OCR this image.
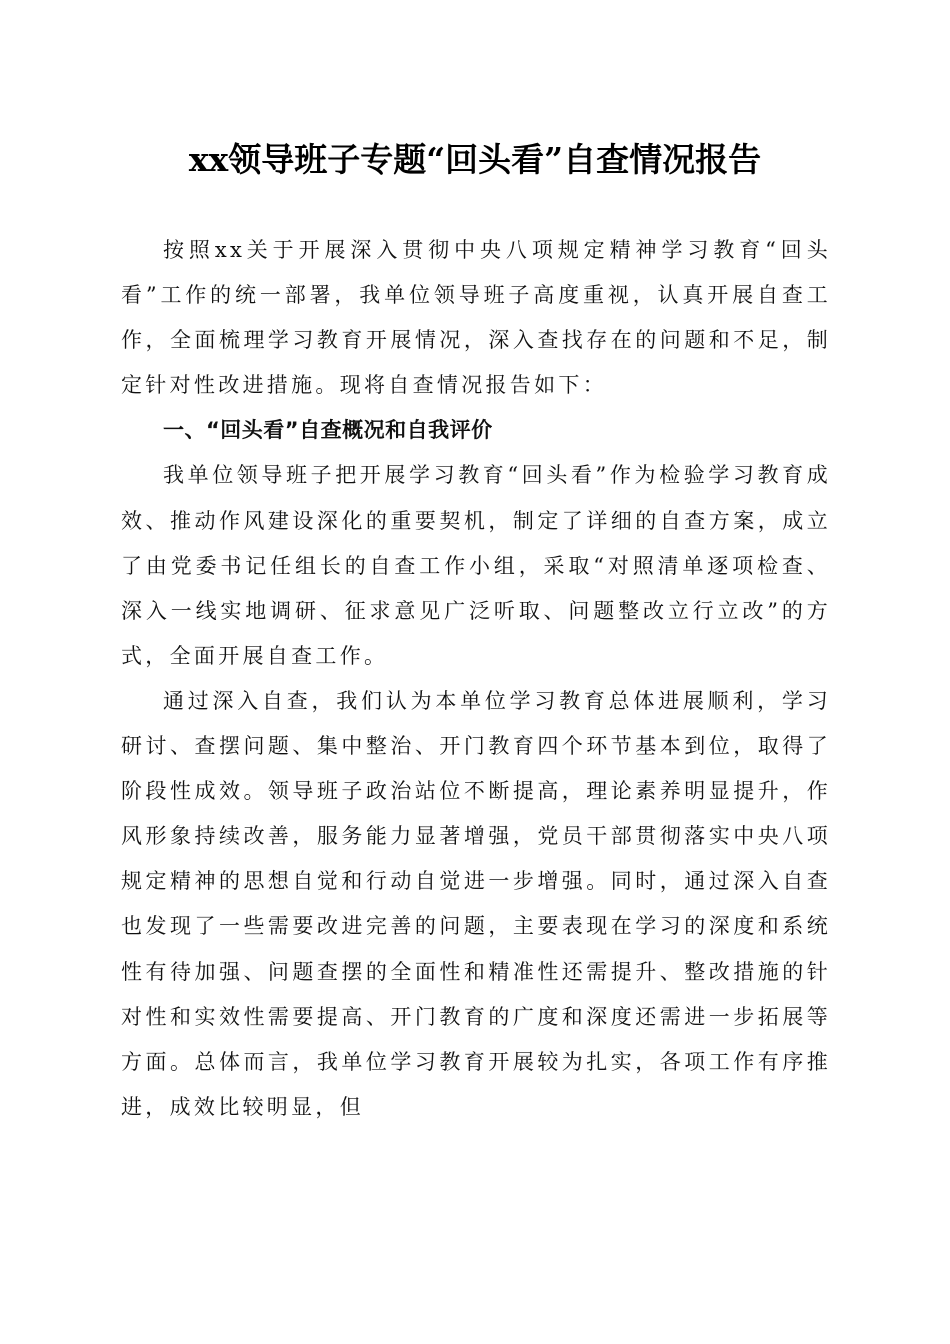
xx领导班子专题“回头看”自查情况报告

按照xx关于开展深入贯彻中央八项规定精神学习教育“回头看”工作的统一部署，我单位领导班子高度重视，认真开展自查工作，全面梳理学习教育开展情况，深入查找存在的问题和不足，制定针对性改进措施。现将自查情况报告如下：

一、“回头看”自查概况和自我评价

我单位领导班子把开展学习教育“回头看”作为检验学习教育成效、推动作风建设深化的重要契机，制定了详细的自查方案，成立了由党委书记任组长的自查工作小组，采取“对照清单逐项检查、深入一线实地调研、征求意见广泛听取、问题整改立行立改”的方式，全面开展自查工作。

通过深入自查，我们认为本单位学习教育总体进展顺利，学习研讨、查摆问题、集中整治、开门教育四个环节基本到位，取得了阶段性成效。领导班子政治站位不断提高，理论素养明显提升，作风形象持续改善，服务能力显著增强，党员干部贯彻落实中央八项规定精神的思想自觉和行动自觉进一步增强。同时，通过深入自查也发现了一些需要改进完善的问题，主要表现在学习的深度和系统性有待加强、问题查摆的全面性和精准性还需提升、整改措施的针对性和实效性需要提高、开门教育的广度和深度还需进一步拓展等方面。总体而言，我单位学习教育开展较为扎实，各项工作有序推进，成效比较明显，但
